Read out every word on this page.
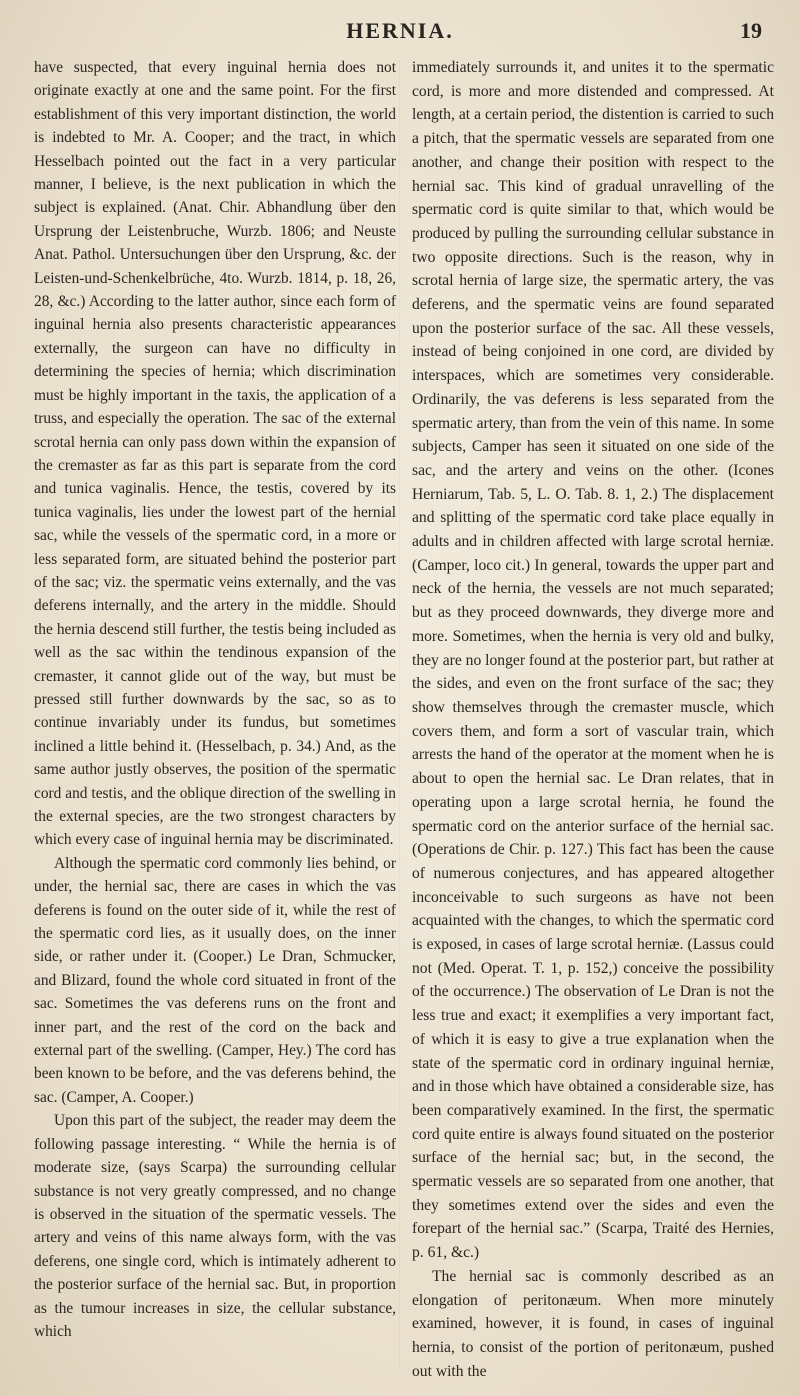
HERNIA.	19

have suspected, that every inguinal hernia does not originate exactly at one and the same point. For the first establishment of this very important distinction, the world is indebted to Mr. A. Cooper; and the tract, in which Hesselbach pointed out the fact in a very particular manner, I believe, is the next publication in which the subject is explained. (Anat. Chir. Abhandlung über den Ursprung der Leistenbruche, Wurzb. 1806; and Neuste Anat. Pathol. Untersuchungen über den Ursprung, &c. der Leisten-und-Schenkelbrüche, 4to. Wurzb. 1814, p. 18, 26, 28, &c.) According to the latter author, since each form of inguinal hernia also presents characteristic appearances externally, the surgeon can have no difficulty in determining the species of hernia; which discrimination must be highly important in the taxis, the application of a truss, and especially the operation. The sac of the external scrotal hernia can only pass down within the expansion of the cremaster as far as this part is separate from the cord and tunica vaginalis. Hence, the testis, covered by its tunica vaginalis, lies under the lowest part of the hernial sac, while the vessels of the spermatic cord, in a more or less separated form, are situated behind the posterior part of the sac; viz. the spermatic veins externally, and the vas deferens internally, and the artery in the middle. Should the hernia descend still further, the testis being included as well as the sac within the tendinous expansion of the cremaster, it cannot glide out of the way, but must be pressed still further downwards by the sac, so as to continue invariably under its fundus, but sometimes inclined a little behind it. (Hesselbach, p. 34.) And, as the same author justly observes, the position of the spermatic cord and testis, and the oblique direction of the swelling in the external species, are the two strongest characters by which every case of inguinal hernia may be discriminated.

Although the spermatic cord commonly lies behind, or under, the hernial sac, there are cases in which the vas deferens is found on the outer side of it, while the rest of the spermatic cord lies, as it usually does, on the inner side, or rather under it. (Cooper.) Le Dran, Schmucker, and Blizard, found the whole cord situated in front of the sac. Sometimes the vas deferens runs on the front and inner part, and the rest of the cord on the back and external part of the swelling. (Camper, Hey.) The cord has been known to be before, and the vas deferens behind, the sac. (Camper, A. Cooper.)

Upon this part of the subject, the reader may deem the following passage interesting. “ While the hernia is of moderate size, (says Scarpa) the surrounding cellular substance is not very greatly compressed, and no change is observed in the situation of the spermatic vessels. The artery and veins of this name always form, with the vas deferens, one single cord, which is intimately adherent to the posterior surface of the hernial sac. But, in proportion as the tumour increases in size, the cellular substance, which

immediately surrounds it, and unites it to the spermatic cord, is more and more distended and compressed. At length, at a certain period, the distention is carried to such a pitch, that the spermatic vessels are separated from one another, and change their position with respect to the hernial sac. This kind of gradual unravelling of the spermatic cord is quite similar to that, which would be produced by pulling the surrounding cellular substance in two opposite directions. Such is the reason, why in scrotal hernia of large size, the spermatic artery, the vas deferens, and the spermatic veins are found separated upon the posterior surface of the sac. All these vessels, instead of being conjoined in one cord, are divided by interspaces, which are sometimes very considerable. Ordinarily, the vas deferens is less separated from the spermatic artery, than from the vein of this name. In some subjects, Camper has seen it situated on one side of the sac, and the artery and veins on the other. (Icones Herniarum, Tab. 5, L. O. Tab. 8. 1, 2.) The displacement and splitting of the spermatic cord take place equally in adults and in children affected with large scrotal herniæ. (Camper, loco cit.) In general, towards the upper part and neck of the hernia, the vessels are not much separated; but as they proceed downwards, they diverge more and more. Sometimes, when the hernia is very old and bulky, they are no longer found at the posterior part, but rather at the sides, and even on the front surface of the sac; they show themselves through the cremaster muscle, which covers them, and form a sort of vascular train, which arrests the hand of the operator at the moment when he is about to open the hernial sac. Le Dran relates, that in operating upon a large scrotal hernia, he found the spermatic cord on the anterior surface of the hernial sac. (Operations de Chir. p. 127.) This fact has been the cause of numerous conjectures, and has appeared altogether inconceivable to such surgeons as have not been acquainted with the changes, to which the spermatic cord is exposed, in cases of large scrotal herniæ. (Lassus could not (Med. Operat. T. 1, p. 152,) conceive the possibility of the occurrence.) The observation of Le Dran is not the less true and exact; it exemplifies a very important fact, of which it is easy to give a true explanation when the state of the spermatic cord in ordinary inguinal herniæ, and in those which have obtained a considerable size, has been comparatively examined. In the first, the spermatic cord quite entire is always found situated on the posterior surface of the hernial sac; but, in the second, the spermatic vessels are so separated from one another, that they sometimes extend over the sides and even the forepart of the hernial sac.” (Scarpa, Traité des Hernies, p. 61, &c.)

The hernial sac is commonly described as an elongation of peritonæum. When more minutely examined, however, it is found, in cases of inguinal hernia, to consist of the portion of peritonæum, pushed out with the
